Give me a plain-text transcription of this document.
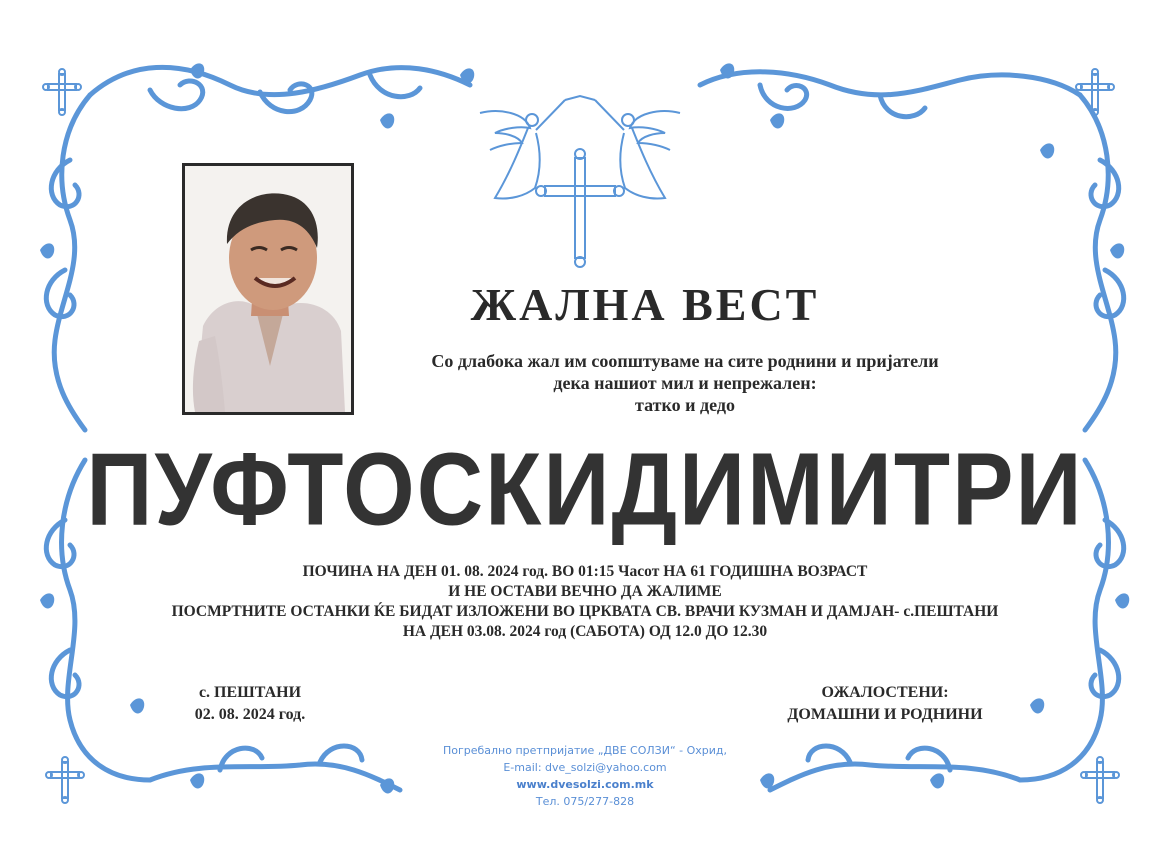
ЖАЛНА ВЕСТ
Со длабока жал им соопштуваме на сите роднини и пријатели
дека нашиот мил и непрежален:
татко и дедо
ПУФТОСКИ ДИМИТРИ
ПОЧИНА НА ДЕН 01. 08. 2024 год. ВО 01:15 Часот НА 61 ГОДИШНА ВОЗРАСТ
И НЕ ОСТАВИ ВЕЧНО ДА ЖАЛИМЕ
ПОСМРТНИТЕ ОСТАНКИ ЌЕ БИДАТ ИЗЛОЖЕНИ ВО ЦРКВАТА СВ. ВРАЧИ КУЗМАН И ДАМЈАН- с.ПЕШТАНИ
НА ДЕН 03.08. 2024 год (САБОТА) ОД 12.0 ДО 12.30
с. ПЕШТАНИ
02. 08. 2024 год.
ОЖАЛОСТЕНИ:
ДОМАШНИ И РОДНИНИ
Погребално претпријатие „ДВЕ СОЛЗИ“ - Охрид,
E-mail: dve_solzi@yahoo.com
www.dvesolzi.com.mk
Тел. 075/277-828
